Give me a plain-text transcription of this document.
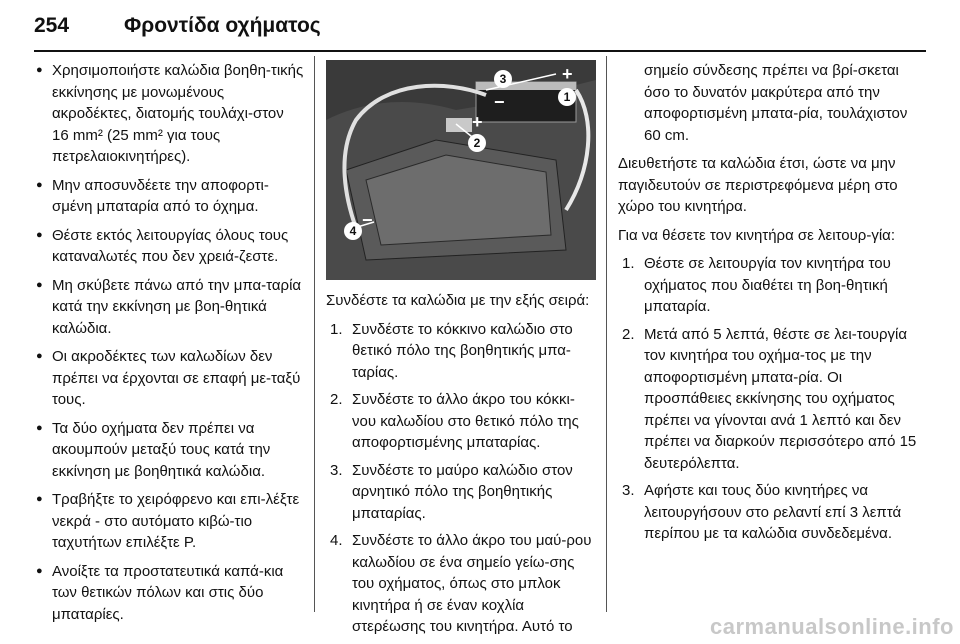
254	Φροντίδα οχήματος
● Χρησιμοποιήστε καλώδια βοηθη-τικής εκκίνησης με μονωμένους ακροδέκτες, διατομής τουλάχι-στον 16 mm² (25 mm² για τους πετρελαιοκινητήρες).
● Μην αποσυνδέετε την αποφορτι-σμένη μπαταρία από το όχημα.
● Θέστε εκτός λειτουργίας όλους τους καταναλωτές που δεν χρειά-ζεστε.
● Μη σκύβετε πάνω από την μπα-ταρία κατά την εκκίνηση με βοη-θητικά καλώδια.
● Οι ακροδέκτες των καλωδίων δεν πρέπει να έρχονται σε επαφή με-ταξύ τους.
● Τα δύο οχήματα δεν πρέπει να ακουμπούν μεταξύ τους κατά την εκκίνηση με βοηθητικά καλώδια.
● Τραβήξτε το χειρόφρενο και επι-λέξτε νεκρά - στο αυτόματο κιβώ-τιο ταχυτήτων επιλέξτε P.
● Ανοίξτε τα προστατευτικά καπά-κια των θετικών πόλων και στις δύο μπαταρίες.
3
1
2
4
−
+
+
−

Συνδέστε τα καλώδια με την εξής σειρά:

1. Συνδέστε το κόκκινο καλώδιο στο θετικό πόλο της βοηθητικής μπα-ταρίας.
2. Συνδέστε το άλλο άκρο του κόκκι-νου καλωδίου στο θετικό πόλο της αποφορτισμένης μπαταρίας.
3. Συνδέστε το μαύρο καλώδιο στον αρνητικό πόλο της βοηθητικής μπαταρίας.
4. Συνδέστε το άλλο άκρο του μαύ-ρου καλωδίου σε ένα σημείο γείω-σης του οχήματος, όπως στο μπλοκ κινητήρα ή σε έναν κοχλία στερέωσης του κινητήρα. Αυτό το

σημείο σύνδεσης πρέπει να βρί-σκεται όσο το δυνατόν μακρύτερα από την αποφορτισμένη μπατα-ρία, τουλάχιστον 60 cm.

Διευθετήστε τα καλώδια έτσι, ώστε να μην παγιδευτούν σε περιστρεφόμενα μέρη στο χώρο του κινητήρα.

Για να θέσετε τον κινητήρα σε λειτουρ-γία:

1. Θέστε σε λειτουργία τον κινητήρα του οχήματος που διαθέτει τη βοη-θητική μπαταρία.
2. Μετά από 5 λεπτά, θέστε σε λει-τουργία τον κινητήρα του οχήμα-τος με την αποφορτισμένη μπατα-ρία. Οι προσπάθειες εκκίνησης του οχήματος πρέπει να γίνονται ανά 1 λεπτό και δεν πρέπει να διαρκούν περισσότερο από 15 δευτερόλεπτα.
3. Αφήστε και τους δύο κινητήρες να λειτουργήσουν στο ρελαντί επί 3 λεπτά περίπου με τα καλώδια συνδεδεμένα.
carmanualsonline.info
